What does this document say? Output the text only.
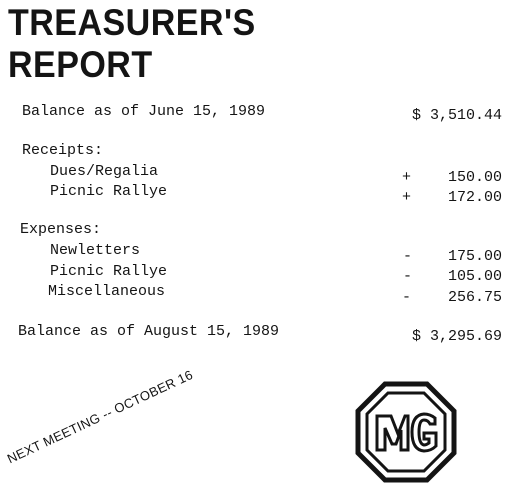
TREASURER'S
REPORT
Balance as of June 15, 1989	$ 3,510.44
Receipts:
Dues/Regalia	+ 150.00
Picnic Rallye	+ 172.00
Expenses:
Newletters	- 175.00
Picnic Rallye	- 105.00
Miscellaneous	- 256.75
Balance as of August 15, 1989	$ 3,295.69
NEXT MEETING -- OCTOBER 16
